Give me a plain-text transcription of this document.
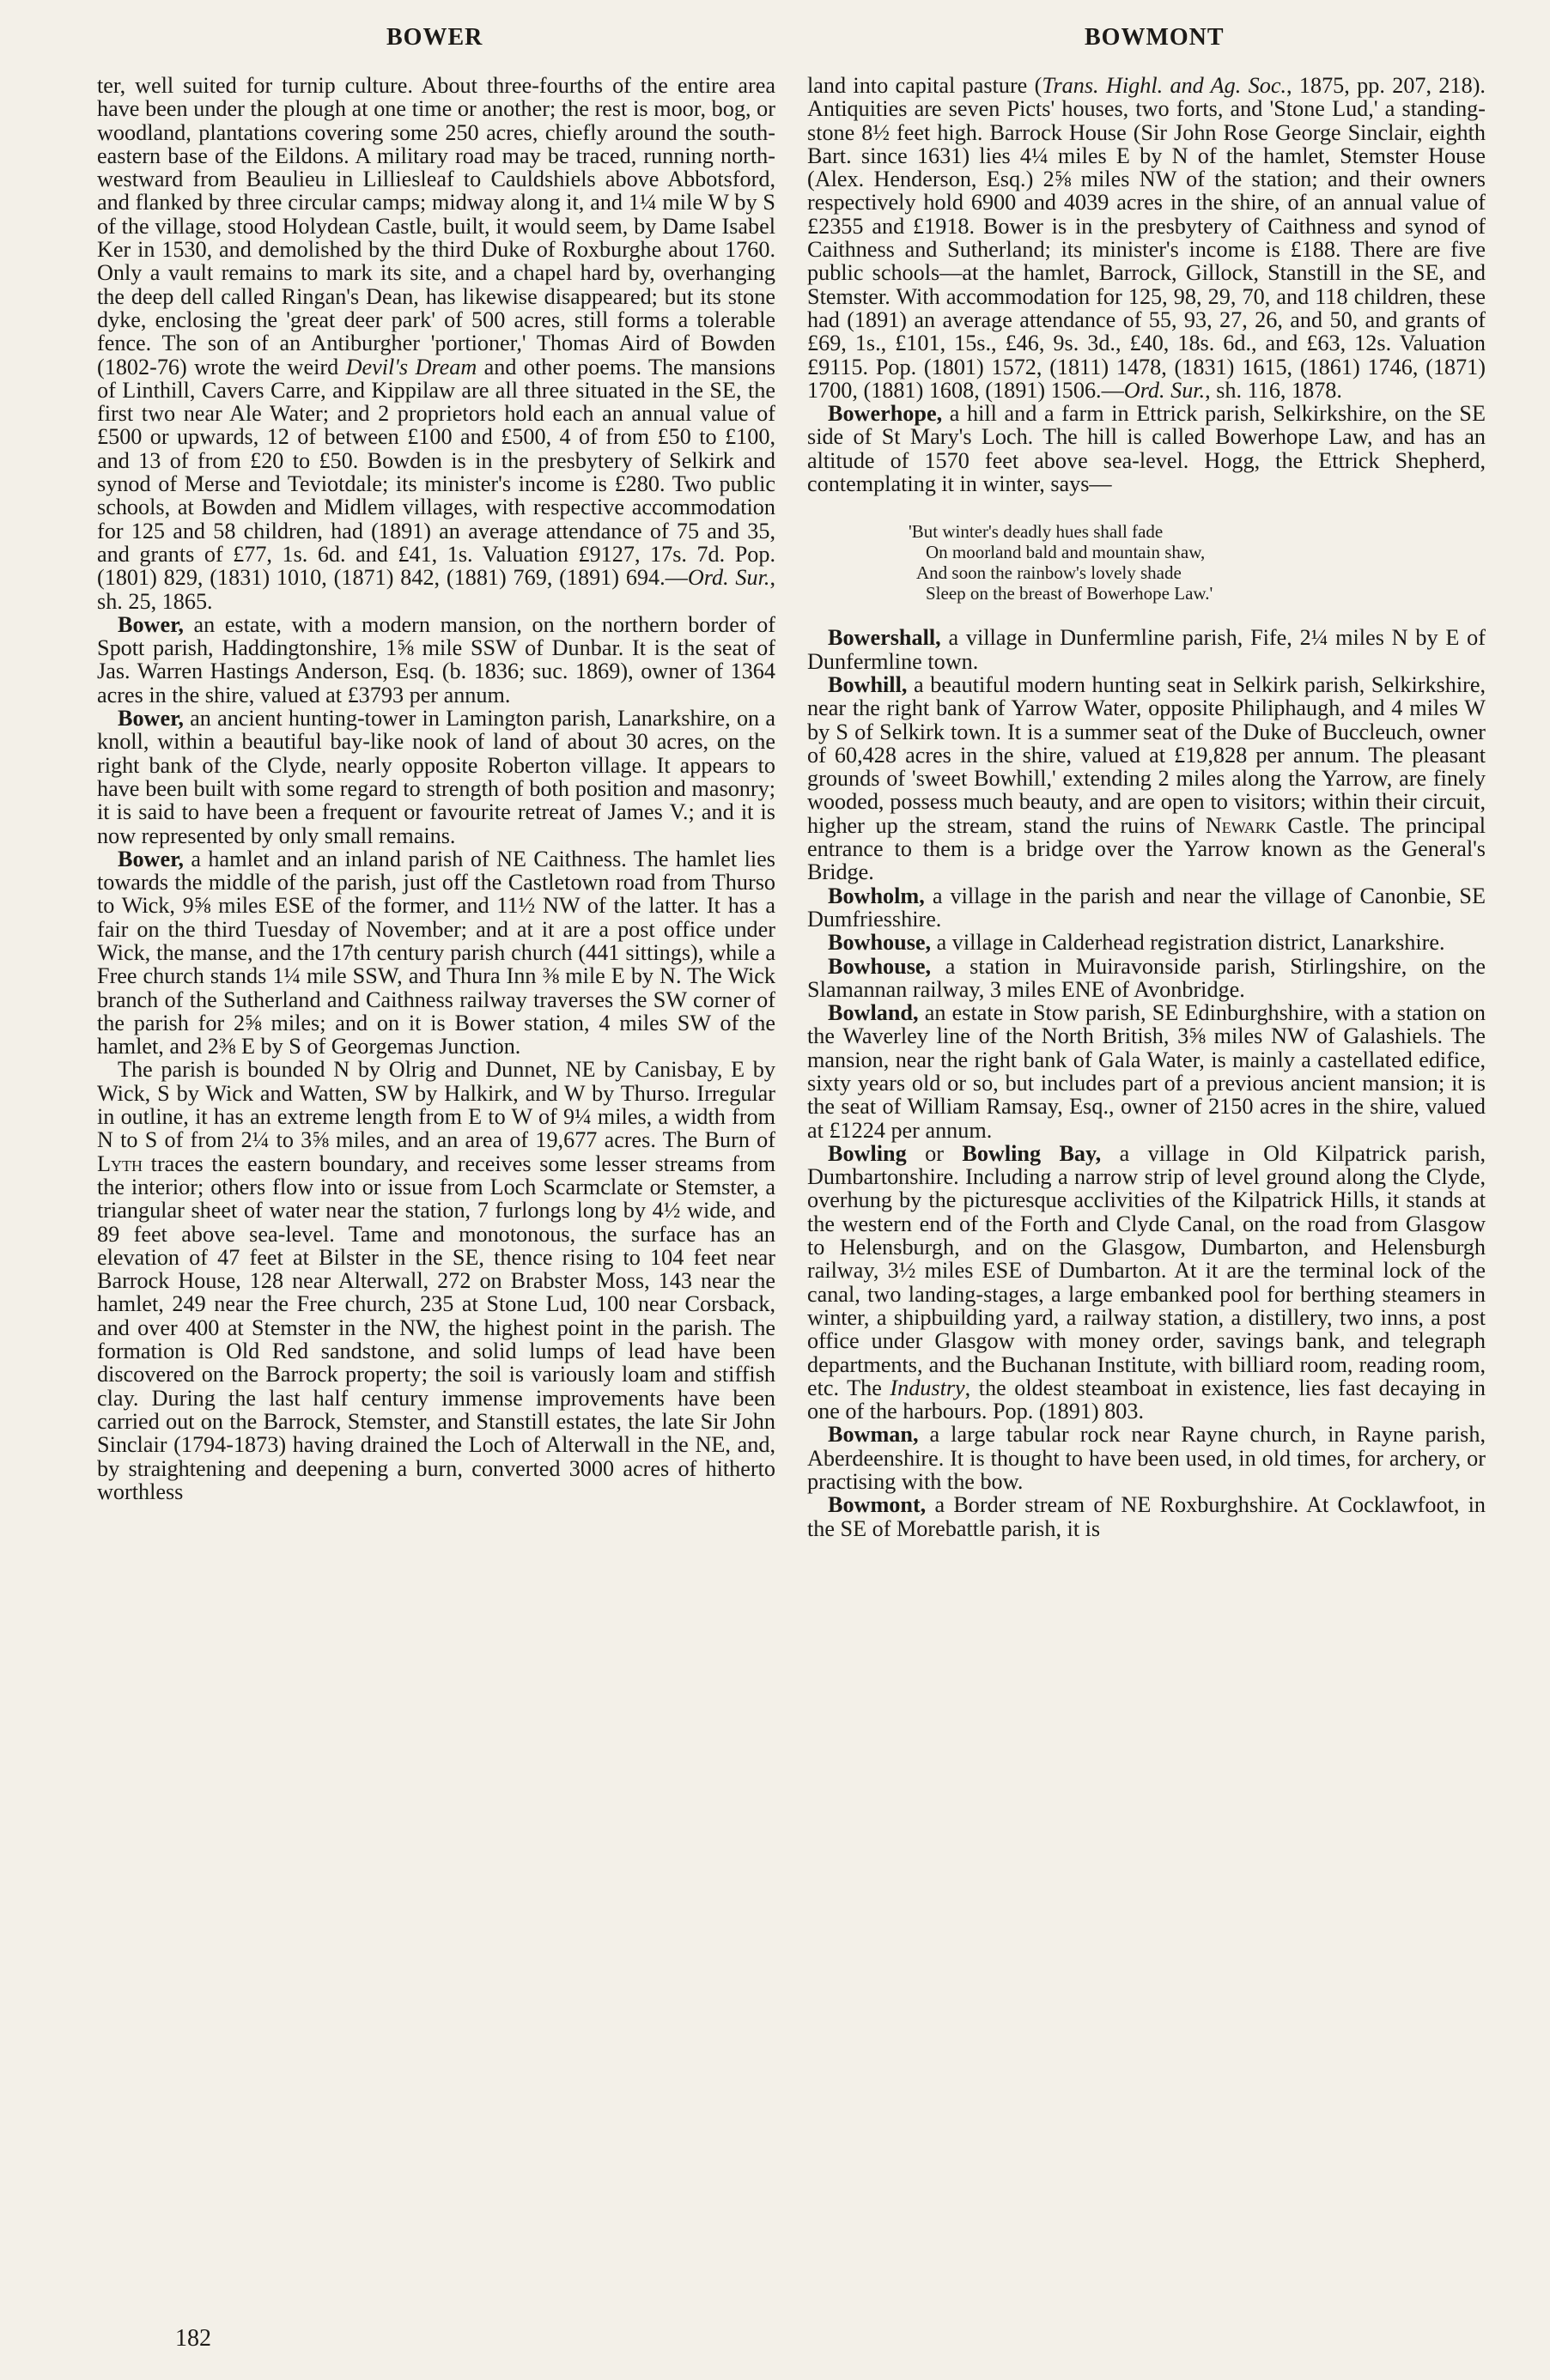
BOWER	BOWMONT

ter, well suited for turnip culture. About three-fourths of the entire area have been under the plough at one time or another; the rest is moor, bog, or woodland, plantations covering some 250 acres, chiefly around the south-eastern base of the Eildons. A military road may be traced, running north-westward from Beaulieu in Lilliesleaf to Cauldshiels above Abbotsford, and flanked by three circular camps; midway along it, and 1¼ mile W by S of the village, stood Holydean Castle, built, it would seem, by Dame Isabel Ker in 1530, and demolished by the third Duke of Roxburghe about 1760. Only a vault remains to mark its site, and a chapel hard by, overhanging the deep dell called Ringan's Dean, has likewise disappeared; but its stone dyke, enclosing the 'great deer park' of 500 acres, still forms a tolerable fence. The son of an Antiburgher 'portioner,' Thomas Aird of Bowden (1802-76) wrote the weird Devil's Dream and other poems. The mansions of Linthill, Cavers Carre, and Kippilaw are all three situated in the SE, the first two near Ale Water; and 2 proprietors hold each an annual value of £500 or upwards, 12 of between £100 and £500, 4 of from £50 to £100, and 13 of from £20 to £50. Bowden is in the presbytery of Selkirk and synod of Merse and Teviotdale; its minister's income is £280. Two public schools, at Bowden and Midlem villages, with respective accommodation for 125 and 58 children, had (1891) an average attendance of 75 and 35, and grants of £77, 1s. 6d. and £41, 1s. Valuation £9127, 17s. 7d. Pop. (1801) 829, (1831) 1010, (1871) 842, (1881) 769, (1891) 694.—Ord. Sur., sh. 25, 1865.

Bower, an estate, with a modern mansion, on the northern border of Spott parish, Haddingtonshire, 1⅝ mile SSW of Dunbar. It is the seat of Jas. Warren Hastings Anderson, Esq. (b. 1836; suc. 1869), owner of 1364 acres in the shire, valued at £3793 per annum.

Bower, an ancient hunting-tower in Lamington parish, Lanarkshire, on a knoll, within a beautiful bay-like nook of land of about 30 acres, on the right bank of the Clyde, nearly opposite Roberton village. It appears to have been built with some regard to strength of both position and masonry; it is said to have been a frequent or favourite retreat of James V.; and it is now represented by only small remains.

Bower, a hamlet and an inland parish of NE Caithness. The hamlet lies towards the middle of the parish, just off the Castletown road from Thurso to Wick, 9⅝ miles ESE of the former, and 11½ NW of the latter. It has a fair on the third Tuesday of November; and at it are a post office under Wick, the manse, and the 17th century parish church (441 sittings), while a Free church stands 1¼ mile SSW, and Thura Inn ⅜ mile E by N. The Wick branch of the Sutherland and Caithness railway traverses the SW corner of the parish for 2⅝ miles; and on it is Bower station, 4 miles SW of the hamlet, and 2⅜ E by S of Georgemas Junction.

The parish is bounded N by Olrig and Dunnet, NE by Canisbay, E by Wick, S by Wick and Watten, SW by Halkirk, and W by Thurso. Irregular in outline, it has an extreme length from E to W of 9¼ miles, a width from N to S of from 2¼ to 3⅝ miles, and an area of 19,677 acres. The Burn of Lyth traces the eastern boundary, and receives some lesser streams from the interior; others flow into or issue from Loch Scarmclate or Stemster, a triangular sheet of water near the station, 7 furlongs long by 4½ wide, and 89 feet above sea-level. Tame and monotonous, the surface has an elevation of 47 feet at Bilster in the SE, thence rising to 104 feet near Barrock House, 128 near Alterwall, 272 on Brabster Moss, 143 near the hamlet, 249 near the Free church, 235 at Stone Lud, 100 near Corsback, and over 400 at Stemster in the NW, the highest point in the parish. The formation is Old Red sandstone, and solid lumps of lead have been discovered on the Barrock property; the soil is variously loam and stiffish clay. During the last half century immense improvements have been carried out on the Barrock, Stemster, and Stanstill estates, the late Sir John Sinclair (1794-1873) having drained the Loch of Alterwall in the NE, and, by straightening and deepening a burn, converted 3000 acres of hitherto worthless

land into capital pasture (Trans. Highl. and Ag. Soc., 1875, pp. 207, 218). Antiquities are seven Picts' houses, two forts, and 'Stone Lud,' a standing-stone 8½ feet high. Barrock House (Sir John Rose George Sinclair, eighth Bart. since 1631) lies 4¼ miles E by N of the hamlet, Stemster House (Alex. Henderson, Esq.) 2⅝ miles NW of the station; and their owners respectively hold 6900 and 4039 acres in the shire, of an annual value of £2355 and £1918. Bower is in the presbytery of Caithness and synod of Caithness and Sutherland; its minister's income is £188. There are five public schools—at the hamlet, Barrock, Gillock, Stanstill in the SE, and Stemster. With accommodation for 125, 98, 29, 70, and 118 children, these had (1891) an average attendance of 55, 93, 27, 26, and 50, and grants of £69, 1s., £101, 15s., £46, 9s. 3d., £40, 18s. 6d., and £63, 12s. Valuation £9115. Pop. (1801) 1572, (1811) 1478, (1831) 1615, (1861) 1746, (1871) 1700, (1881) 1608, (1891) 1506.—Ord. Sur., sh. 116, 1878.

Bowerhope, a hill and a farm in Ettrick parish, Selkirkshire, on the SE side of St Mary's Loch. The hill is called Bowerhope Law, and has an altitude of 1570 feet above sea-level. Hogg, the Ettrick Shepherd, contemplating it in winter, says—

'But winter's deadly hues shall fade
On moorland bald and mountain shaw,
And soon the rainbow's lovely shade
Sleep on the breast of Bowerhope Law.'

Bowershall, a village in Dunfermline parish, Fife, 2¼ miles N by E of Dunfermline town.

Bowhill, a beautiful modern hunting seat in Selkirk parish, Selkirkshire, near the right bank of Yarrow Water, opposite Philiphaugh, and 4 miles W by S of Selkirk town. It is a summer seat of the Duke of Buccleuch, owner of 60,428 acres in the shire, valued at £19,828 per annum. The pleasant grounds of 'sweet Bowhill,' extending 2 miles along the Yarrow, are finely wooded, possess much beauty, and are open to visitors; within their circuit, higher up the stream, stand the ruins of Newark Castle. The principal entrance to them is a bridge over the Yarrow known as the General's Bridge.

Bowholm, a village in the parish and near the village of Canonbie, SE Dumfriesshire.

Bowhouse, a village in Calderhead registration district, Lanarkshire.

Bowhouse, a station in Muiravonside parish, Stirlingshire, on the Slamannan railway, 3 miles ENE of Avonbridge.

Bowland, an estate in Stow parish, SE Edinburghshire, with a station on the Waverley line of the North British, 3⅝ miles NW of Galashiels. The mansion, near the right bank of Gala Water, is mainly a castellated edifice, sixty years old or so, but includes part of a previous ancient mansion; it is the seat of William Ramsay, Esq., owner of 2150 acres in the shire, valued at £1224 per annum.

Bowling or Bowling Bay, a village in Old Kilpatrick parish, Dumbartonshire. Including a narrow strip of level ground along the Clyde, overhung by the picturesque acclivities of the Kilpatrick Hills, it stands at the western end of the Forth and Clyde Canal, on the road from Glasgow to Helensburgh, and on the Glasgow, Dumbarton, and Helensburgh railway, 3½ miles ESE of Dumbarton. At it are the terminal lock of the canal, two landing-stages, a large embanked pool for berthing steamers in winter, a shipbuilding yard, a railway station, a distillery, two inns, a post office under Glasgow with money order, savings bank, and telegraph departments, and the Buchanan Institute, with billiard room, reading room, etc. The Industry, the oldest steamboat in existence, lies fast decaying in one of the harbours. Pop. (1891) 803.

Bowman, a large tabular rock near Rayne church, in Rayne parish, Aberdeenshire. It is thought to have been used, in old times, for archery, or practising with the bow.

Bowmont, a Border stream of NE Roxburghshire. At Cocklawfoot, in the SE of Morebattle parish, it is

182
